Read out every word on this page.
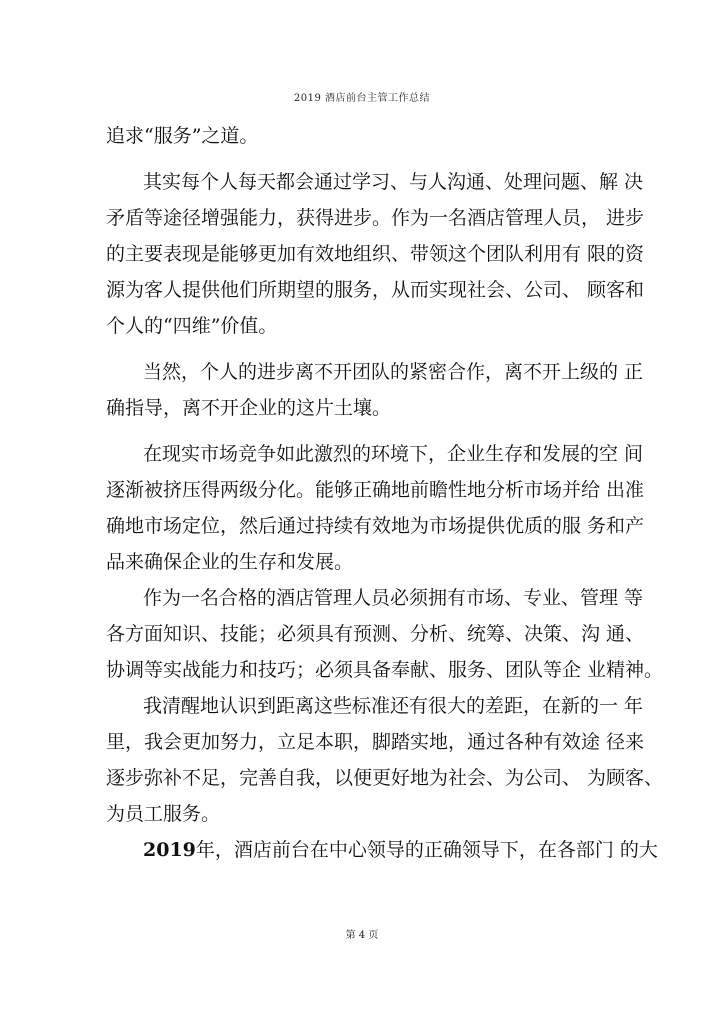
2019 酒店前台主管工作总结

追求“服务”之道。

其实每个人每天都会通过学习、与人沟通、处理问题、解 决
矛盾等途径增强能力，获得进步。作为一名酒店管理人员， 进步
的主要表现是能够更加有效地组织、带领这个团队利用有 限的资
源为客人提供他们所期望的服务，从而实现社会、公司、 顾客和
个人的“四维”价值。

当然，个人的进步离不开团队的紧密合作，离不开上级的 正
确指导，离不开企业的这片土壤。

在现实市场竞争如此激烈的环境下，企业生存和发展的空 间
逐渐被挤压得两级分化。能够正确地前瞻性地分析市场并给 出准
确地市场定位，然后通过持续有效地为市场提供优质的服 务和产
品来确保企业的生存和发展。

作为一名合格的酒店管理人员必须拥有市场、专业、管理 等
各方面知识、技能；必须具有预测、分析、统筹、决策、沟 通、
协调等实战能力和技巧；必须具备奉献、服务、团队等企 业精神。

我清醒地认识到距离这些标准还有很大的差距，在新的一 年
里，我会更加努力，立足本职，脚踏实地，通过各种有效途 径来
逐步弥补不足，完善自我，以便更好地为社会、为公司、 为顾客、
为员工服务。

2019年，酒店前台在中心领导的正确领导下，在各部门 的大

第 4 页
